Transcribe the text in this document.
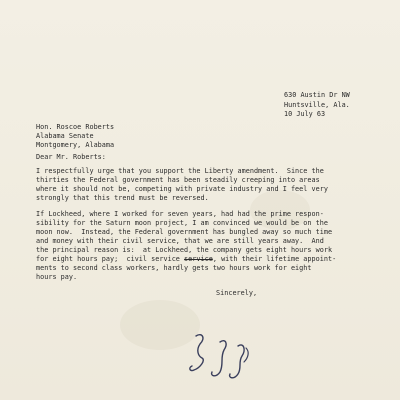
630 Austin Dr NW
Huntsville, Ala.
10 July 63
Hon. Roscoe Roberts
Alabama Senate
Montgomery, Alabama
Dear Mr. Roberts:
I respectfully urge that you support the Liberty amendment.  Since the
thirties the Federal government has been steadily creeping into areas
where it should not be, competing with private industry and I feel very
strongly that this trend must be reversed.
If Lockheed, where I worked for seven years, had had the prime respon-
sibility for the Saturn moon project, I am convinced we would be on the
moon now.  Instead, the Federal government has bungled away so much time
and money with their civil service, that we are still years away.  And
the principal reason is:  at Lockheed, the company gets eight hours work
for eight hours pay;  civil service service, with their lifetime appoint-
ments to second class workers, hardly gets two hours work for eight
hours pay.
Sincerely,
